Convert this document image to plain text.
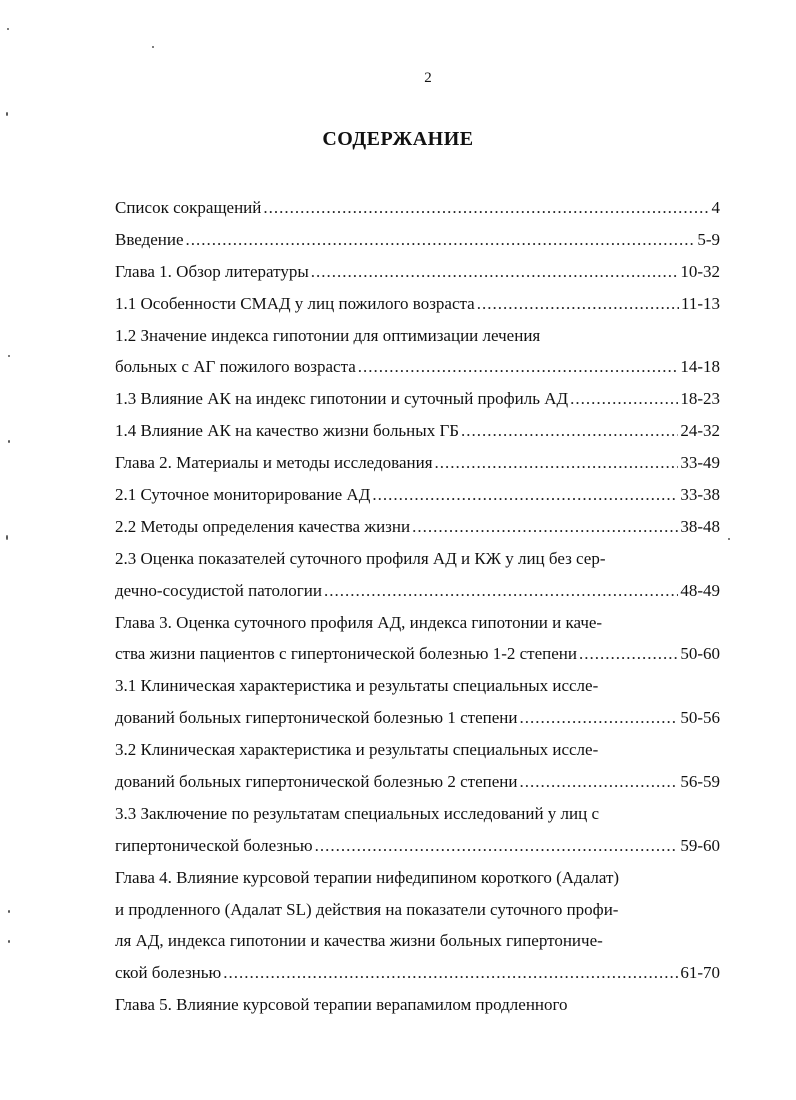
2
СОДЕРЖАНИЕ
Список сокращений .....	4
Введение .....	5-9
Глава 1. Обзор литературы .....	10-32
1.1 Особенности СМАД у лиц пожилого возраста .....	11-13
1.2 Значение индекса гипотонии для оптимизации лечения
больных с АГ пожилого возраста .....	14-18
1.3 Влияние АК на индекс гипотонии и суточный профиль АД .....	18-23
1.4 Влияние АК на качество жизни больных ГБ .....	24-32
Глава 2. Материалы и методы исследования .....	33-49
2.1 Суточное мониторирование АД .....	33-38
2.2 Методы определения качества жизни .....	38-48
2.3 Оценка показателей суточного профиля АД и КЖ у лиц без сер-
дечно-сосудистой патологии .....	48-49
Глава 3. Оценка суточного профиля АД, индекса гипотонии и каче-
ства жизни пациентов с гипертонической болезнью 1-2 степени .....	50-60
3.1 Клиническая характеристика и результаты специальных иссле-
дований больных гипертонической болезнью 1 степени .....	50-56
3.2 Клиническая характеристика и результаты специальных иссле-
дований больных гипертонической болезнью 2 степени .....	56-59
3.3 Заключение по результатам специальных исследований у лиц с
гипертонической болезнью .....	59-60
Глава 4. Влияние курсовой терапии нифедипином короткого (Адалат)
и продленного (Адалат SL) действия на показатели суточного профи-
ля АД, индекса гипотонии и качества жизни больных гипертониче-
ской болезнью .....	61-70
Глава 5. Влияние курсовой терапии верапамилом продленного
